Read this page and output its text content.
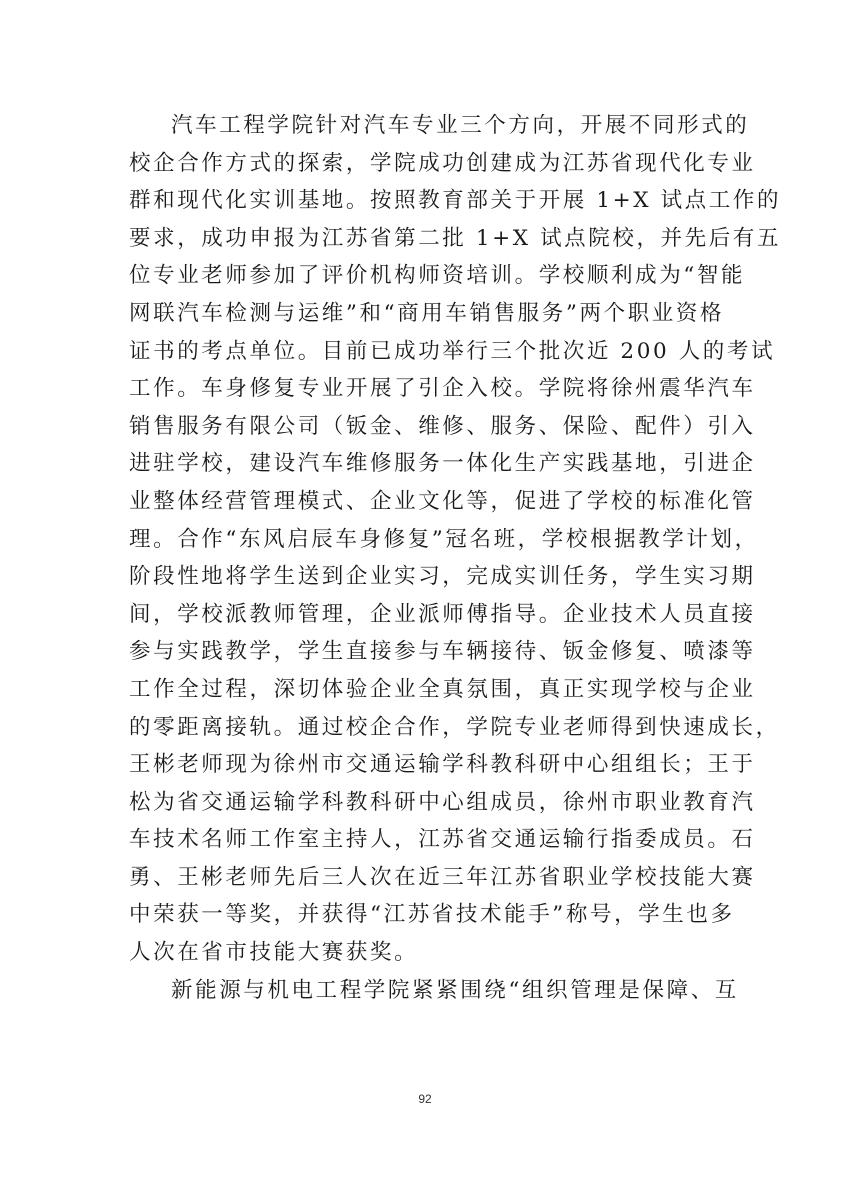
汽车工程学院针对汽车专业三个方向，开展不同形式的
校企合作方式的探索，学院成功创建成为江苏省现代化专业
群和现代化实训基地。按照教育部关于开展 1+X 试点工作的
要求，成功申报为江苏省第二批 1+X 试点院校，并先后有五
位专业老师参加了评价机构师资培训。学校顺利成为“智能
网联汽车检测与运维”和“商用车销售服务”两个职业资格
证书的考点单位。目前已成功举行三个批次近 200 人的考试
工作。车身修复专业开展了引企入校。学院将徐州震华汽车
销售服务有限公司（钣金、维修、服务、保险、配件）引入
进驻学校，建设汽车维修服务一体化生产实践基地，引进企
业整体经营管理模式、企业文化等，促进了学校的标准化管
理。合作“东风启辰车身修复”冠名班，学校根据教学计划，
阶段性地将学生送到企业实习，完成实训任务，学生实习期
间，学校派教师管理，企业派师傅指导。企业技术人员直接
参与实践教学，学生直接参与车辆接待、钣金修复、喷漆等
工作全过程，深切体验企业全真氛围，真正实现学校与企业
的零距离接轨。通过校企合作，学院专业老师得到快速成长，
王彬老师现为徐州市交通运输学科教科研中心组组长；王于
松为省交通运输学科教科研中心组成员，徐州市职业教育汽
车技术名师工作室主持人，江苏省交通运输行指委成员。石
勇、王彬老师先后三人次在近三年江苏省职业学校技能大赛
中荣获一等奖，并获得“江苏省技术能手”称号，学生也多
人次在省市技能大赛获奖。
新能源与机电工程学院紧紧围绕“组织管理是保障、互
92
